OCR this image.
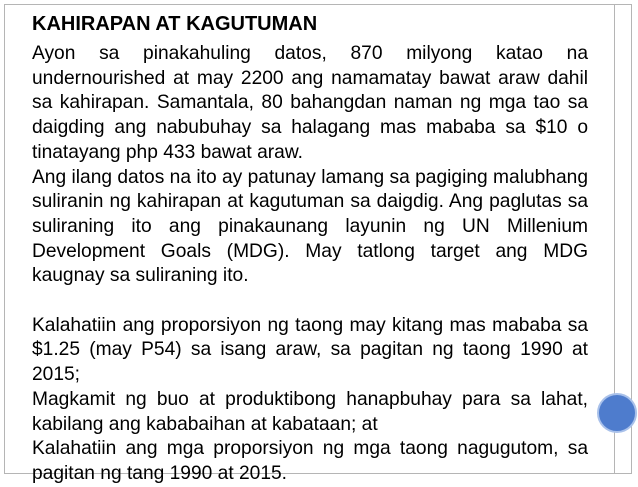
KAHIRAPAN AT KAGUTUMAN

Ayon sa pinakahuling datos, 870 milyong katao na undernourished at may 2200 ang namamatay bawat araw dahil sa kahirapan. Samantala, 80 bahangdan naman ng mga tao sa daigding ang nabubuhay sa halagang mas mababa sa $10 o tinatayang php 433 bawat araw.

Ang ilang datos na ito ay patunay lamang sa pagiging malubhang suliranin ng kahirapan at kagutuman sa daigdig. Ang paglutas sa suliraning ito ang pinakaunang layunin ng UN Millenium Development Goals (MDG). May tatlong target ang MDG kaugnay sa suliraning ito.

Kalahatiin ang proporsiyon ng taong may kitang mas mababa sa $1.25 (may P54) sa isang araw, sa pagitan ng taong 1990 at 2015;

Magkamit ng buo at produktibong hanapbuhay para sa lahat, kabilang ang kababaihan at kabataan; at

Kalahatiin ang mga proporsiyon ng mga taong nagugutom, sa pagitan ng tang 1990 at 2015.
